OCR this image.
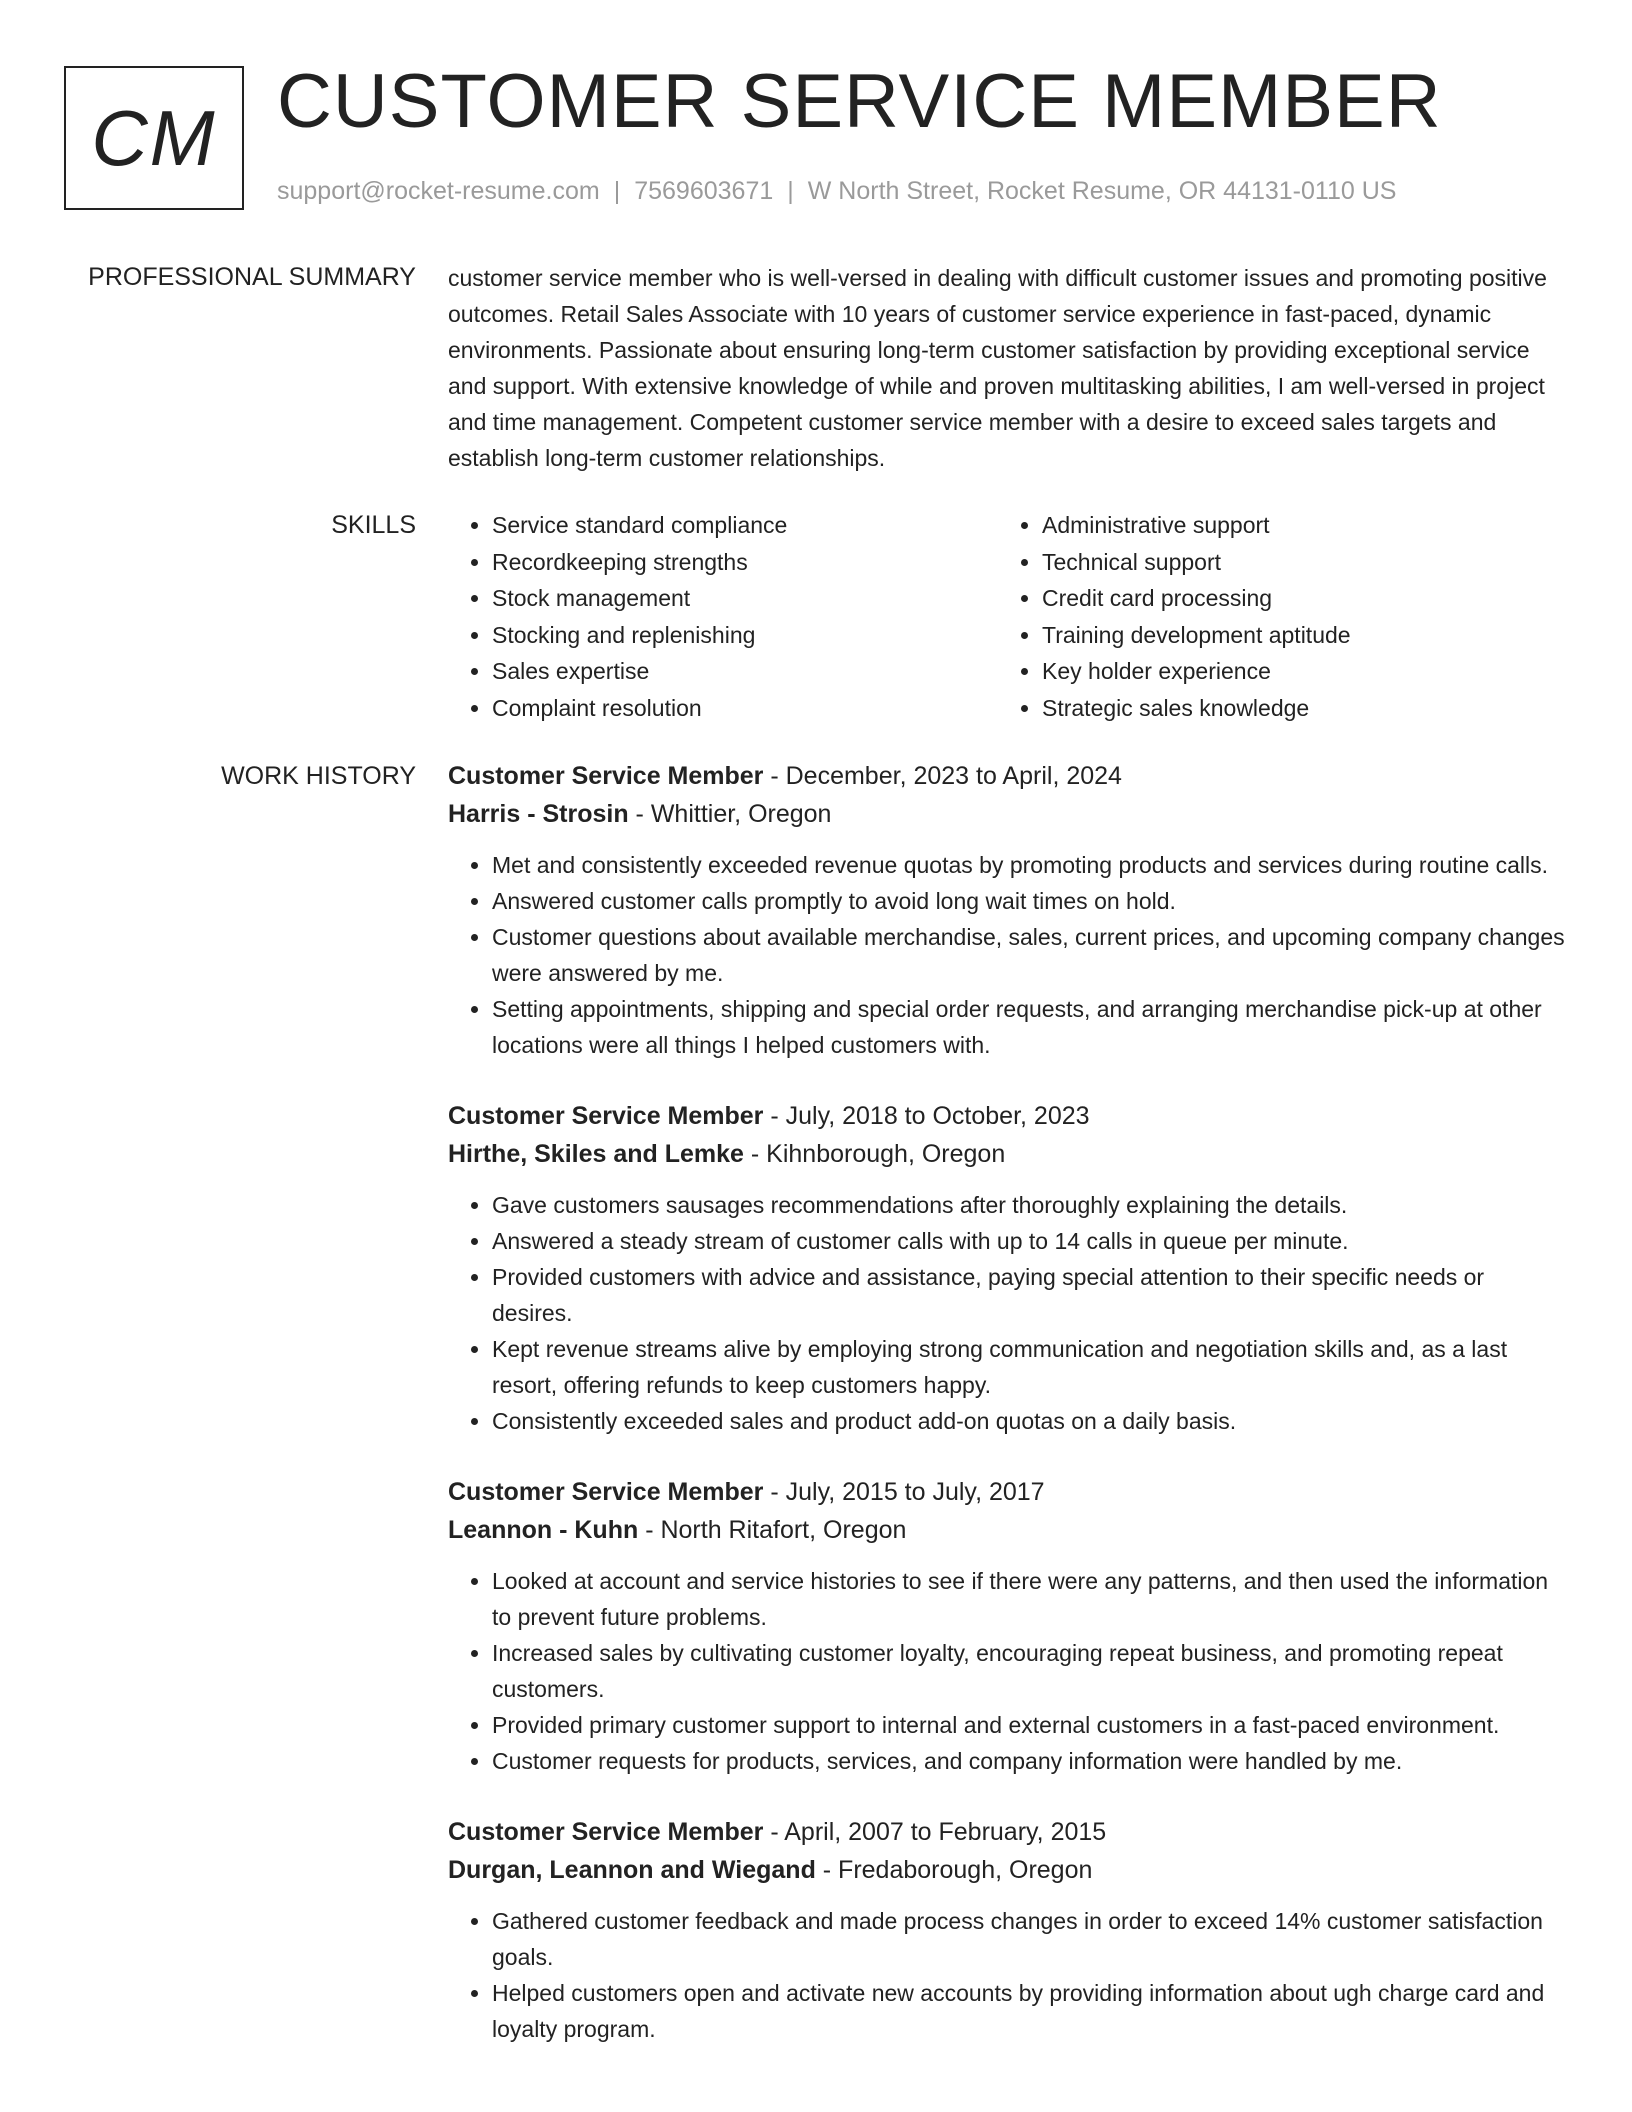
CM CUSTOMER SERVICE MEMBER
support@rocket-resume.com | 7569603671 | W North Street, Rocket Resume, OR 44131-0110 US
PROFESSIONAL SUMMARY customer service member who is well-versed in dealing with difficult customer issues and promoting positive outcomes. Retail Sales Associate with 10 years of customer service experience in fast-paced, dynamic environments. Passionate about ensuring long-term customer satisfaction by providing exceptional service and support. With extensive knowledge of while and proven multitasking abilities, I am well-versed in project and time management. Competent customer service member with a desire to exceed sales targets and establish long-term customer relationships.

SKILLS
•	Service standard compliance
• Recordkeeping strengths
• Stock management
• Stocking and replenishing
• Sales expertise
• Complaint resolution
• Administrative support
• Technical support
• Credit card processing
• Training development aptitude
• Key holder experience
• Strategic sales knowledge
WORK HISTORY Customer Service Member - December, 2023 to April, 2024

Harris - Strosin - Whittier, Oregon

• Met and consistently exceeded revenue quotas by promoting products and services during routine calls.
• Answered customer calls promptly to avoid long wait times on hold.
• Customer questions about available merchandise, sales, current prices, and upcoming company changes were answered by me.
• Setting appointments, shipping and special order requests, and arranging merchandise pick-up at other locations were all things I helped customers with.

Customer Service Member - July, 2018 to October, 2023

Hirthe, Skiles and Lemke - Kihnborough, Oregon

• Gave customers sausages recommendations after thoroughly explaining the details.
• Answered a steady stream of customer calls with up to 14 calls in queue per minute.
• Provided customers with advice and assistance, paying special attention to their specific needs or desires.
• Kept revenue streams alive by employing strong communication and negotiation skills and, as a last resort, offering refunds to keep customers happy.
• Consistently exceeded sales and product add-on quotas on a daily basis.

Customer Service Member - July, 2015 to July, 2017

Leannon - Kuhn - North Ritafort, Oregon

• Looked at account and service histories to see if there were any patterns, and then used the information to prevent future problems.
• Increased sales by cultivating customer loyalty, encouraging repeat business, and promoting repeat customers.
• Provided primary customer support to internal and external customers in a fast-paced environment.
• Customer requests for products, services, and company information were handled by me.

Customer Service Member - April, 2007 to February, 2015

Durgan, Leannon and Wiegand - Fredaborough, Oregon

• Gathered customer feedback and made process changes in order to exceed 14% customer satisfaction goals.
• Helped customers open and activate new accounts by providing information about ugh charge card and loyalty program.
